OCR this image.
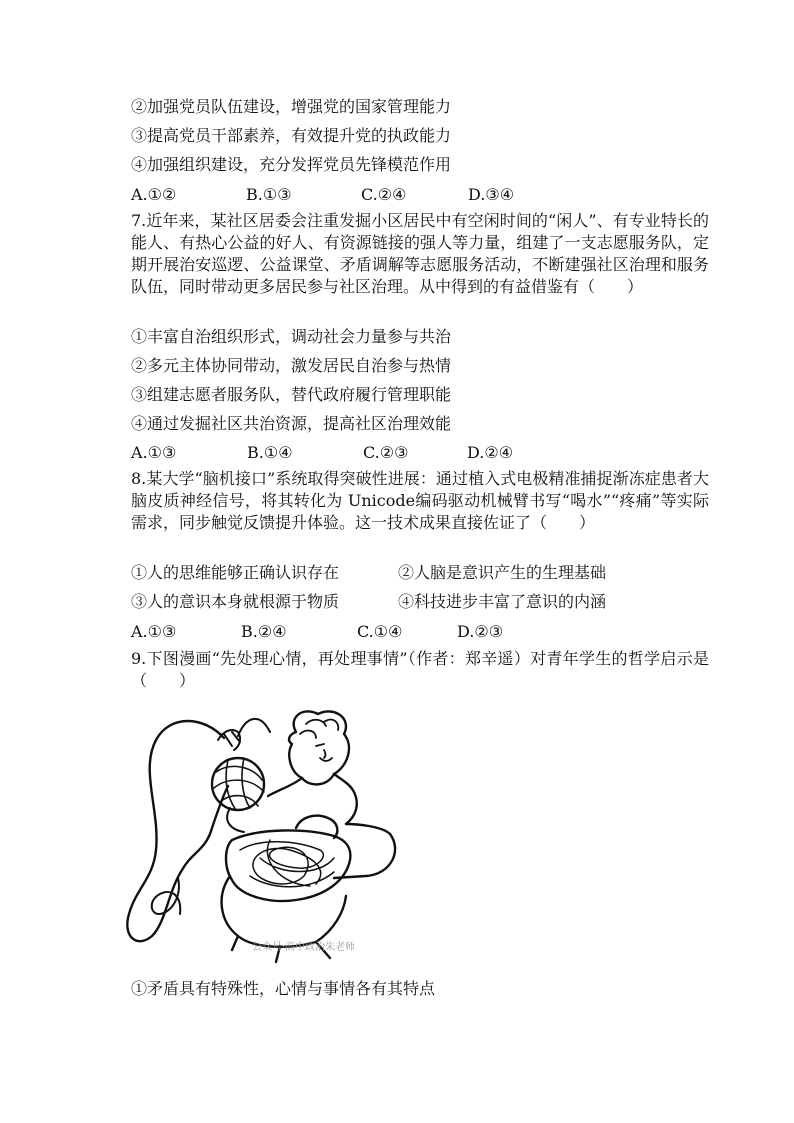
②加强党员队伍建设，增强党的国家管理能力
③提高党员干部素养，有效提升党的执政能力
④加强组织建设，充分发挥党员先锋模范作用
A.①②	B.①③	C.②④	D.③④
7.近年来，某社区居委会注重发掘小区居民中有空闲时间的“闲人”、有专业特长的能人、有热心公益的好人、有资源链接的强人等力量，组建了一支志愿服务队，定期开展治安巡逻、公益课堂、矛盾调解等志愿服务活动，不断建强社区治理和服务队伍，同时带动更多居民参与社区治理。从中得到的有益借鉴有（　　）
①丰富自治组织形式，调动社会力量参与共治
②多元主体协同带动，激发居民自治参与热情
③组建志愿者服务队，替代政府履行管理职能
④通过发掘社区共治资源，提高社区治理效能
A.①③	B.①④	C.②③	D.②④
8.某大学“脑机接口”系统取得突破性进展：通过植入式电极精准捕捉渐冻症患者大脑皮质神经信号，将其转化为 Unicode编码驱动机械臂书写“喝水”“疼痛”等实际需求，同步触觉反馈提升体验。这一技术成果直接佐证了（　　）
①人的思维能够正确认识存在	②人脑是意识产生的生理基础
③人的意识本身就根源于物质	④科技进步丰富了意识的内涵
A.①③	B.②④	C.①④	D.②③
9.下图漫画“先处理心情，再处理事情”（作者：郑辛遥）对青年学生的哲学启示是（　　）
公众号·高中政治朱老师
①矛盾具有特殊性，心情与事情各有其特点
